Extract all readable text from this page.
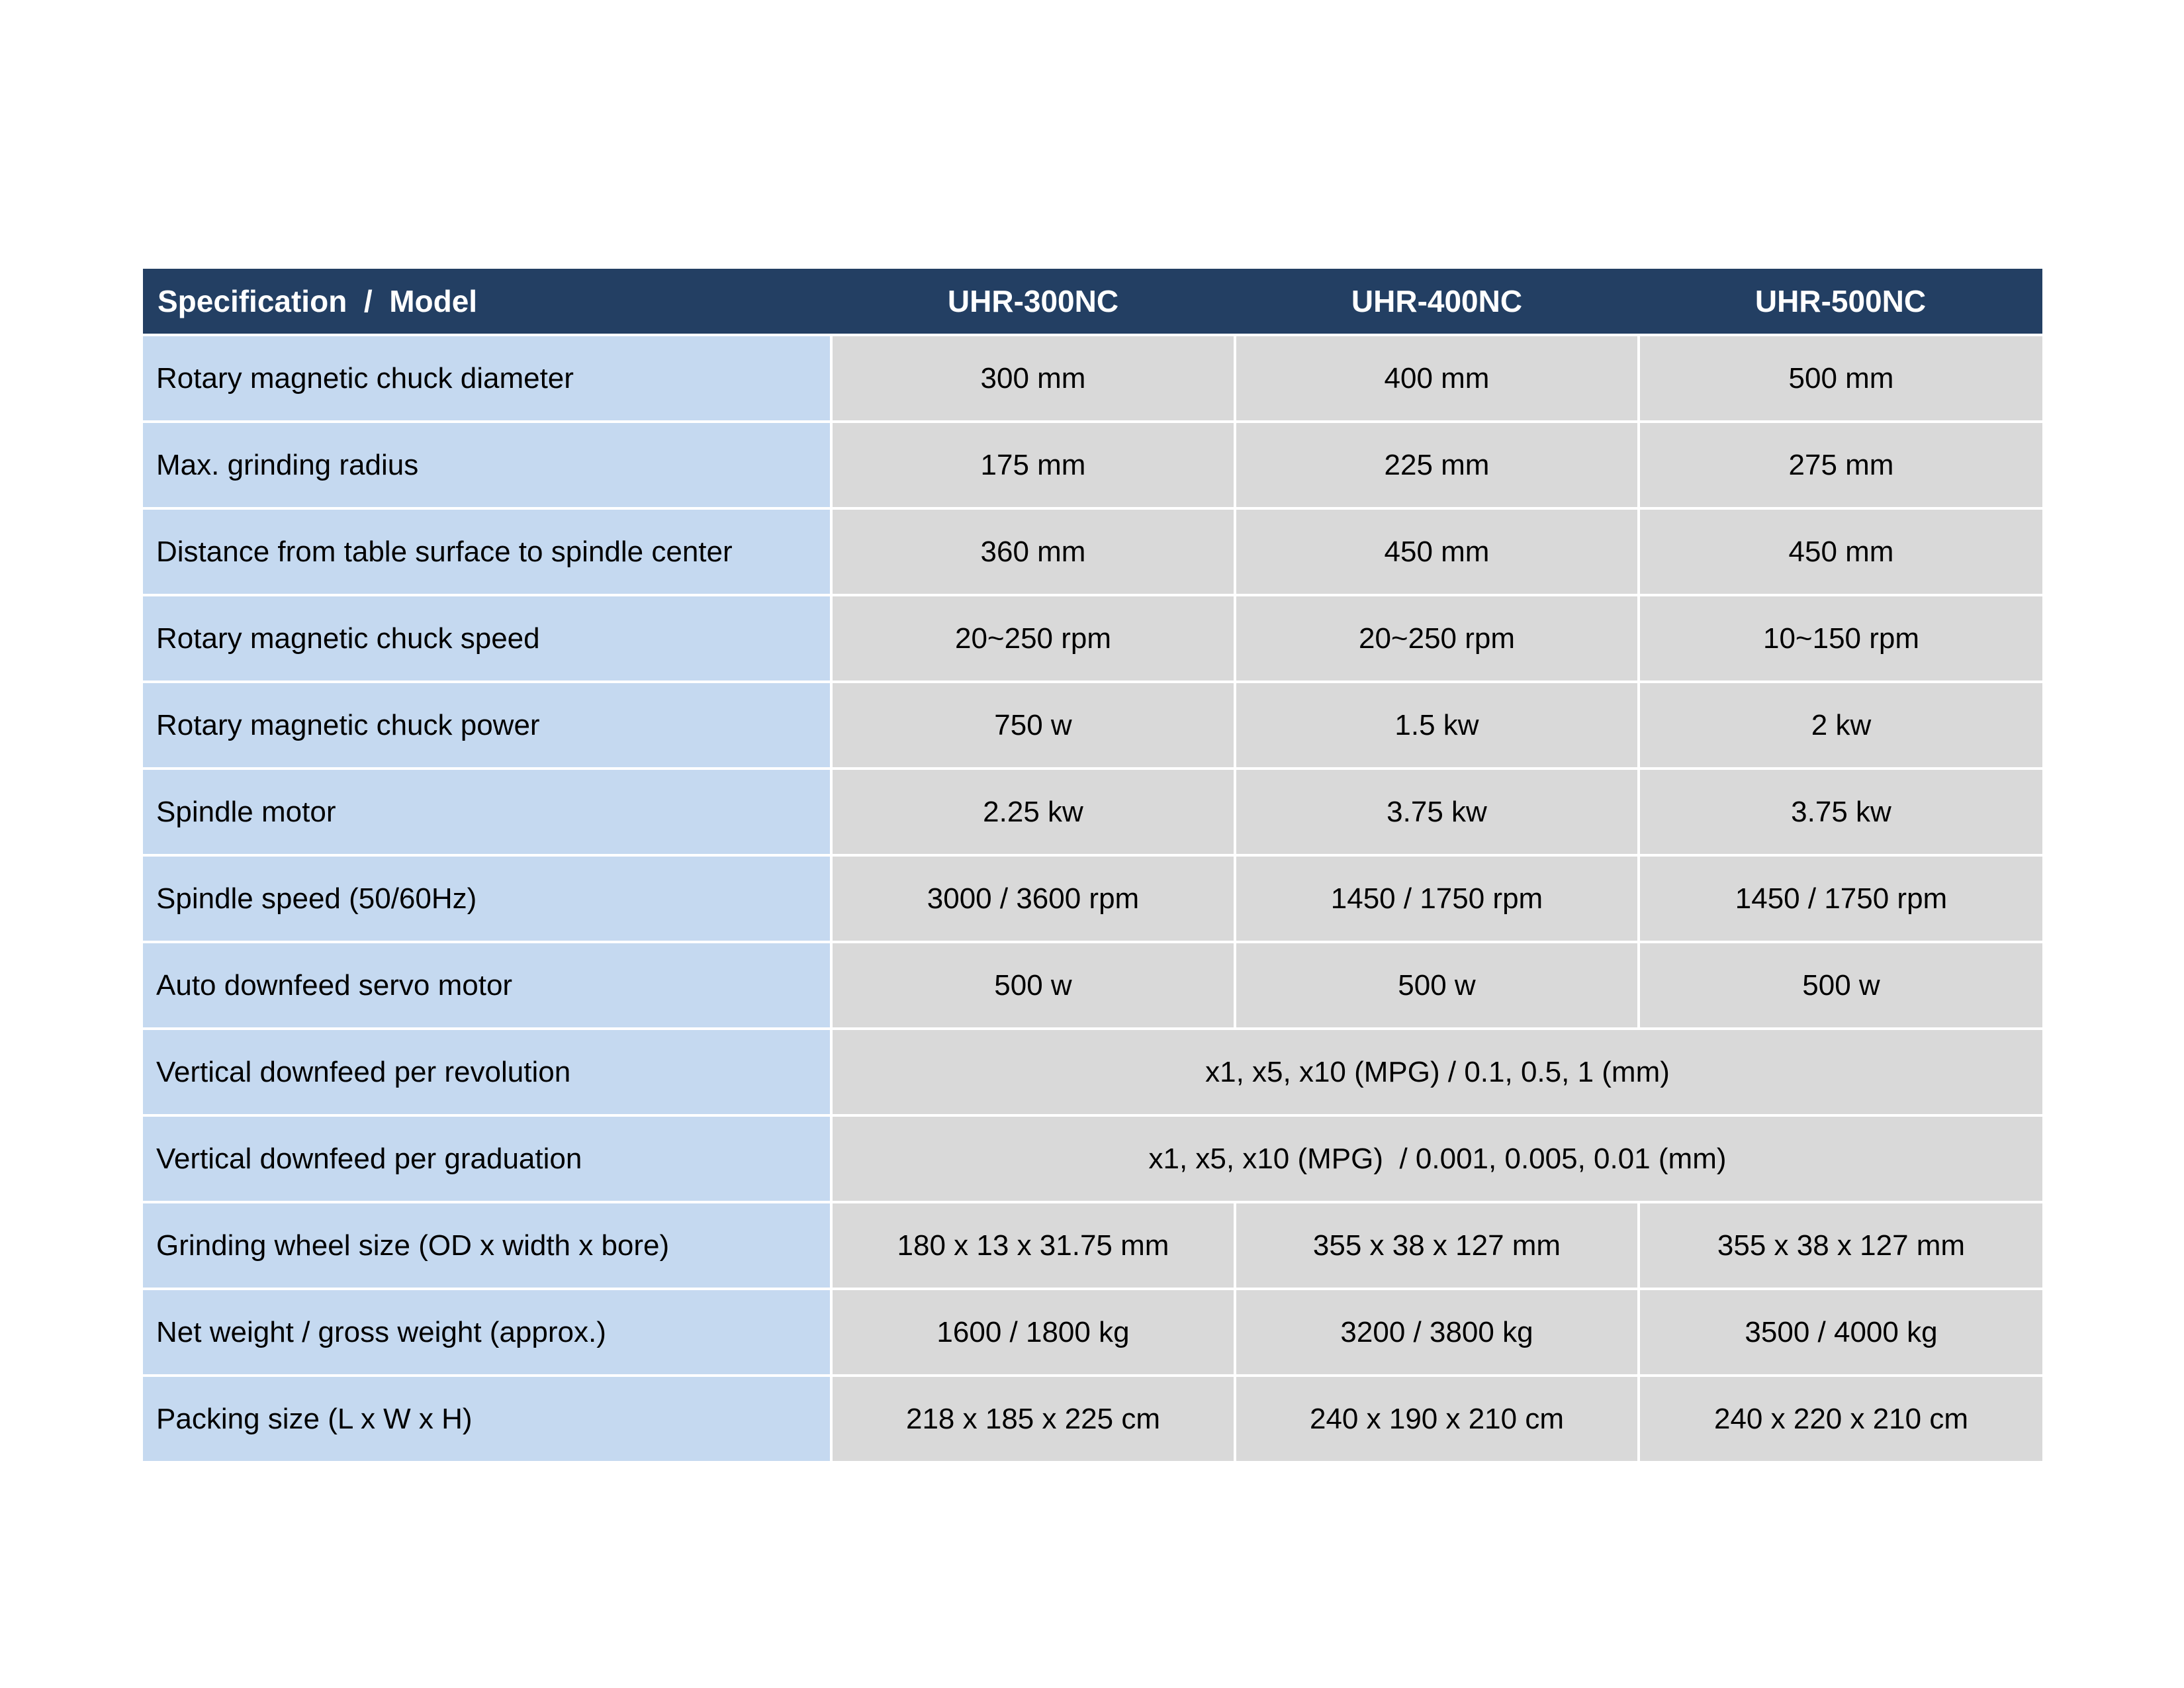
Specification  /  Model	UHR-300NC	UHR-400NC	UHR-500NC
Rotary magnetic chuck diameter	300 mm	400 mm	500 mm
Max. grinding radius	175 mm	225 mm	275 mm
Distance from table surface to spindle center	360 mm	450 mm	450 mm
Rotary magnetic chuck speed	20~250 rpm	20~250 rpm	10~150 rpm
Rotary magnetic chuck power	750 w	1.5 kw	2 kw
Spindle motor	2.25 kw	3.75 kw	3.75 kw
Spindle speed (50/60Hz)	3000 / 3600 rpm	1450 / 1750 rpm	1450 / 1750 rpm
Auto downfeed servo motor	500 w	500 w	500 w
Vertical downfeed per revolution	x1, x5, x10 (MPG) / 0.1, 0.5, 1 (mm)		
Vertical downfeed per graduation	x1, x5, x10 (MPG)  / 0.001, 0.005, 0.01 (mm)		
Grinding wheel size (OD x width x bore)	180 x 13 x 31.75 mm	355 x 38 x 127 mm	355 x 38 x 127 mm
Net weight / gross weight (approx.)	1600 / 1800 kg	3200 / 3800 kg	3500 / 4000 kg
Packing size (L x W x H)	218 x 185 x 225 cm	240 x 190 x 210 cm	240 x 220 x 210 cm
